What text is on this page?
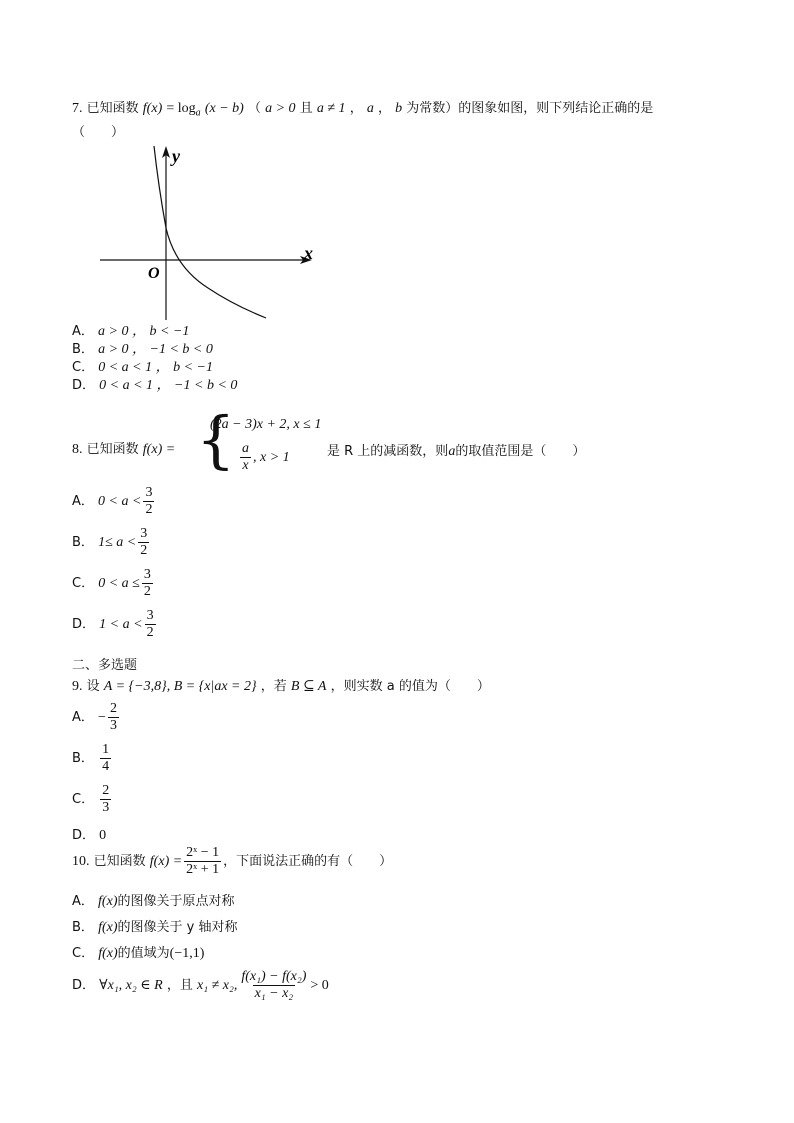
7. 已知函数 $f(x) = \log_a (x - b)$ （ a > 0 且 a ≠ 1 ， a ， b 为常数）的图象如图，则下列结论正确的是
（　　）
y
x
O
A． a > 0 ， b < −1
B． a > 0 ， −1 < b < 0
C． 0 < a < 1 ， b < −1
D． 0 < a < 1 ， −1 < b < 0
8. 已知函数 f(x) = {
(2a − 3)x + 2, x ≤ 1
$\frac{a}{x}$ , x > 1	是 R 上的减函数，则a的取值范围是（　　）
A． $0 < a < \frac{3}{2}$
B． $1\le a < \frac{3}{2}$
C． $0 < a \le \frac{3}{2}$
D． $1 < a < \frac{3}{2}$
二、多选题
9. 设 A = {−3,8}, B = {x|ax = 2} ，若 B ⊆ A ，则实数 a 的值为（　　）
A． − $\frac{2}{3}$
B． $\frac{1}{4}$
C． $\frac{2}{3}$
D． 0
10. 已知函数 $f(x) = \frac{\text{2ˣ − 1}}{\text{2ˣ + 1}}$ ，下面说法正确的有（　　）
A． f(x)的图像关于原点对称
B． f(x)的图像关于 y 轴对称
C． f(x)的值域为(−1,1)
D． ∀x₁, x₂ ∈ R ，且 x₁ ≠ x₂, $\frac{\text{f(x₁) − f(x₂)}}{\text{x₁ − x₂}} > 0$
